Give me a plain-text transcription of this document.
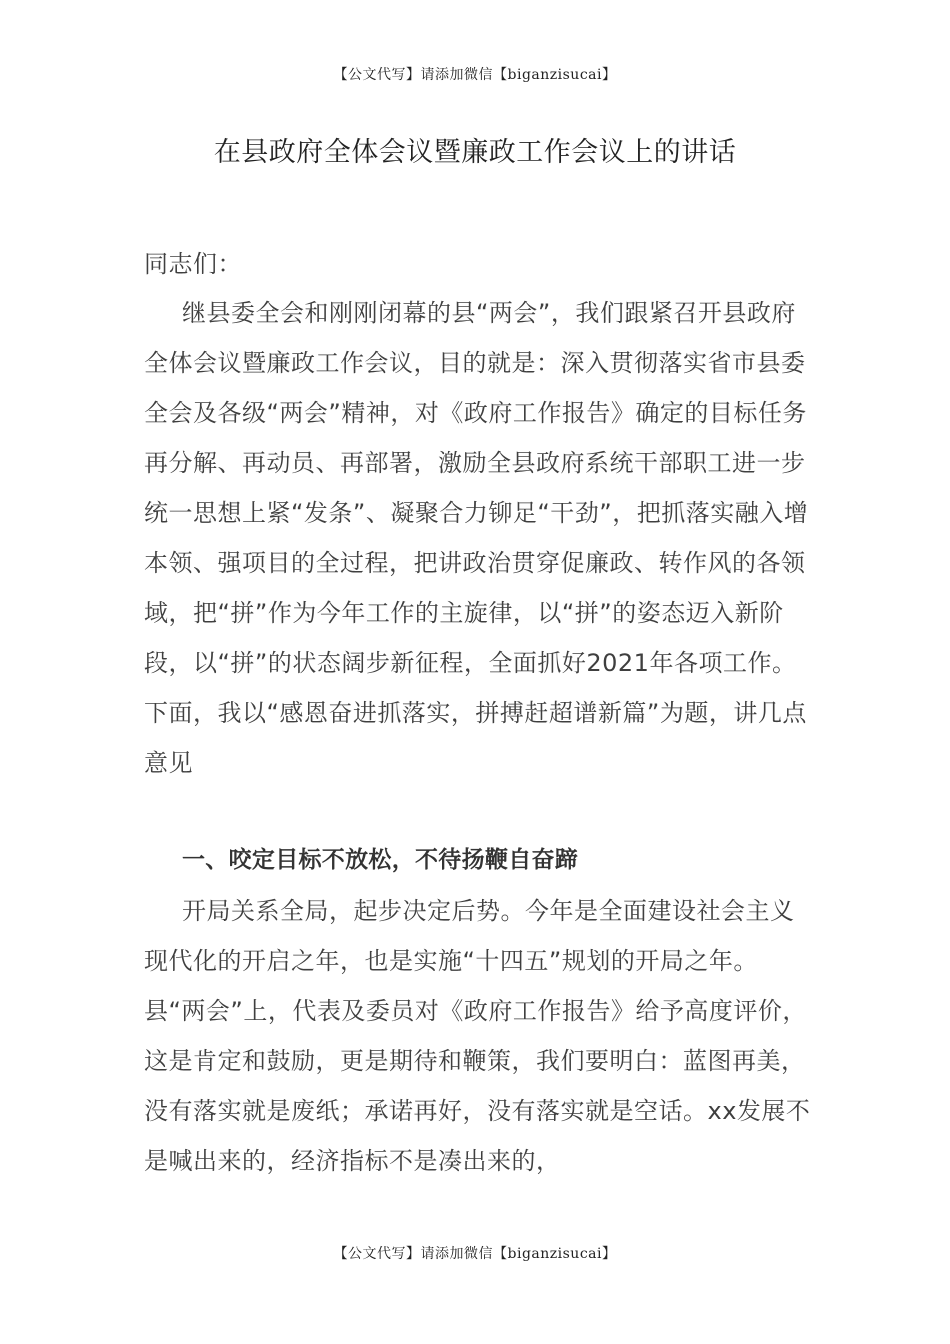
【公文代写】请添加微信【biganzisucai】
在县政府全体会议暨廉政工作会议上的讲话

同志们：

继县委全会和刚刚闭幕的县“两会”，我们跟紧召开县政府全体会议暨廉政工作会议，目的就是：深入贯彻落实省市县委全会及各级“两会”精神，对《政府工作报告》确定的目标任务再分解、再动员、再部署，激励全县政府系统干部职工进一步统一思想上紧“发条”、凝聚合力铆足“干劲”，把抓落实融入增本领、强项目的全过程，把讲政治贯穿促廉政、转作风的各领域，把“拼”作为今年工作的主旋律，以“拼”的姿态迈入新阶段，以“拼”的状态阔步新征程，全面抓好2021年各项工作。下面，我以“感恩奋进抓落实，拼搏赶超谱新篇”为题，讲几点意见

一、咬定目标不放松，不待扬鞭自奋蹄

开局关系全局，起步决定后势。今年是全面建设社会主义现代化的开启之年，也是实施“十四五”规划的开局之年。县“两会”上，代表及委员对《政府工作报告》给予高度评价，这是肯定和鼓励，更是期待和鞭策，我们要明白：蓝图再美，没有落实就是废纸；承诺再好，没有落实就是空话。xx发展不是喊出来的，经济指标不是凑出来的，

【公文代写】请添加微信【biganzisucai】
